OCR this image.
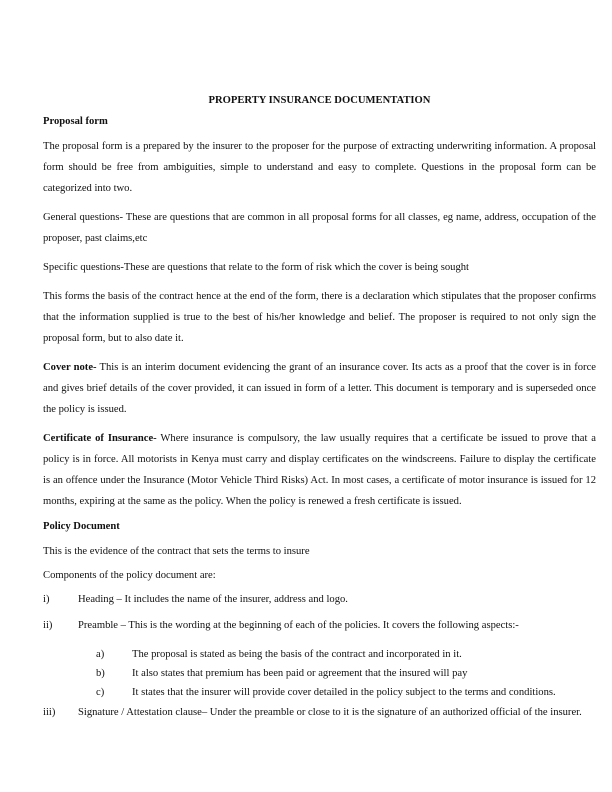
PROPERTY INSURANCE DOCUMENTATION
Proposal form

The proposal form is a prepared by the insurer to the proposer for the purpose of extracting underwriting information. A proposal form should be free from ambiguities, simple to understand and easy to complete. Questions in the proposal form can be categorized into two.

General questions- These are questions that are common in all proposal forms for all classes, eg name, address, occupation of the proposer, past claims,etc

Specific questions-These are questions that relate to the form of risk which the cover is being sought

This forms the basis of the contract hence at the end of the form, there is a declaration which stipulates that the proposer confirms that the information supplied is true to the best of his/her knowledge and belief. The proposer is required to not only sign the proposal form, but to also date it.

Cover note- This is an interim document evidencing the grant of an insurance cover. Its acts as a proof that the cover is in force and gives brief details of the cover provided, it can issued in form of a letter. This document is temporary and is superseded once the policy is issued.

Certificate of Insurance- Where insurance is compulsory, the law usually requires that a certificate be issued to prove that a policy is in force. All motorists in Kenya must carry and display certificates on the windscreens. Failure to display the certificate is an offence under the Insurance (Motor Vehicle Third Risks) Act. In most cases, a certificate of motor insurance is issued for 12 months, expiring at the same as the policy. When the policy is renewed a fresh certificate is issued.

Policy Document

This is the evidence of the contract that sets the terms to insure

Components of the policy document are:

i)	Heading – It includes the name of the insurer, address and logo.
ii)	Preamble – This is the wording at the beginning of each of the policies. It covers the following aspects:-
a)	The proposal is stated as being the basis of the contract and incorporated in it.
b)	It also states that premium has been paid or agreement that the insured will pay
c)	It states that the insurer will provide cover detailed in the policy subject to the terms and conditions.
iii)	Signature / Attestation clause– Under the preamble or close to it is the signature of an authorized official of the insurer.
